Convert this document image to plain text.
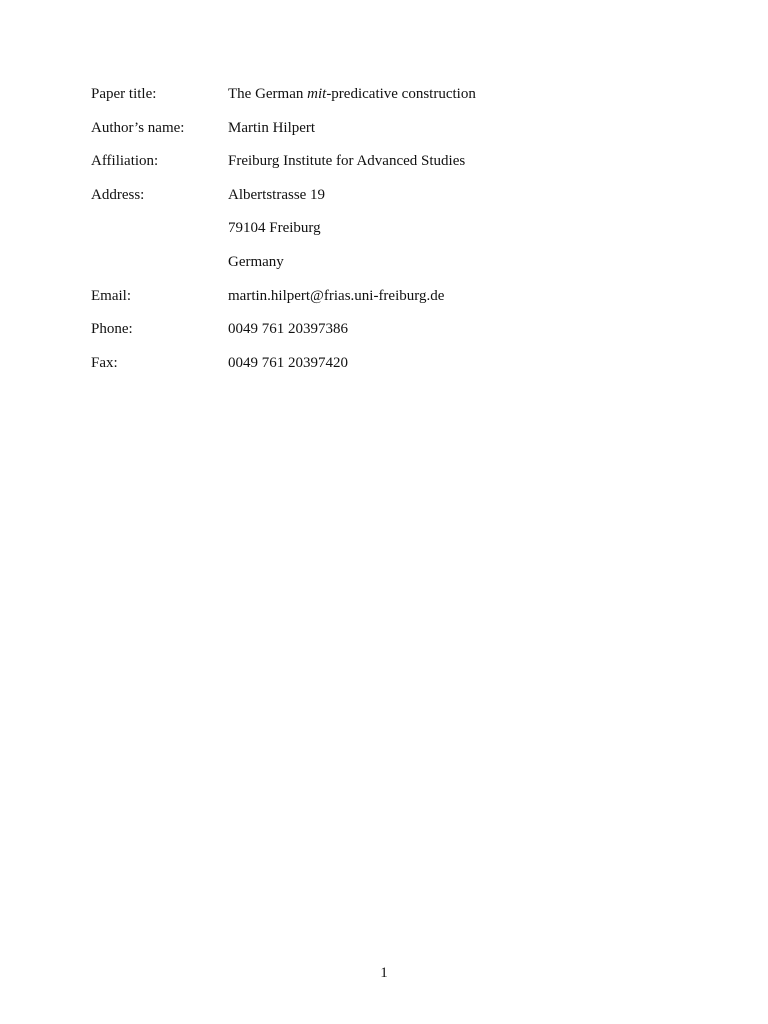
Paper title:	The German mit-predicative construction
Author’s name:	Martin Hilpert
Affiliation:	Freiburg Institute for Advanced Studies
Address:	Albertstrasse 19
79104 Freiburg
Germany
Email:	martin.hilpert@frias.uni-freiburg.de
Phone:	0049 761 20397386
Fax:	0049 761 20397420
1
